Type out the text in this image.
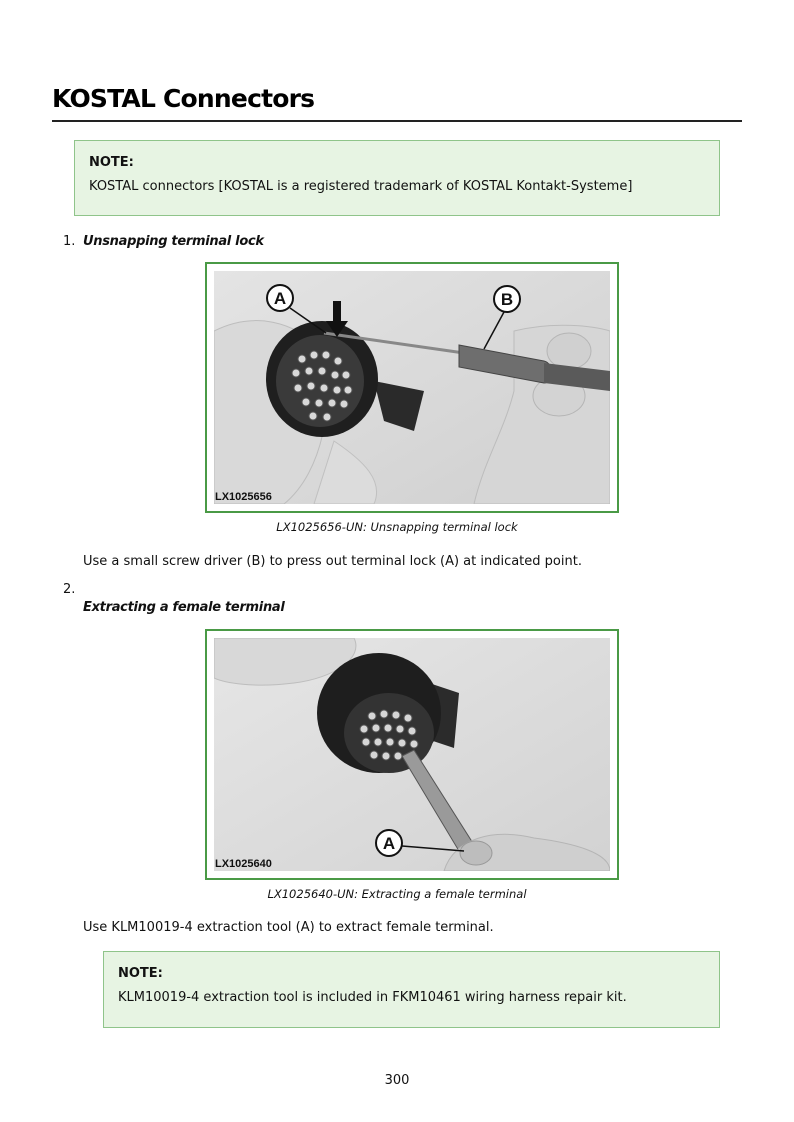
KOSTAL Connectors
NOTE:
KOSTAL connectors [KOSTAL is a registered trademark of KOSTAL Kontakt-Systeme]
1. Unsnapping terminal lock
A	B
LX1025656
LX1025656-UN: Unsnapping terminal lock
Use a small screw driver (B) to press out terminal lock (A) at indicated point.
2.
Extracting a female terminal
A
LX1025640
LX1025640-UN: Extracting a female terminal
Use KLM10019-4 extraction tool (A) to extract female terminal.
NOTE:
KLM10019-4 extraction tool is included in FKM10461 wiring harness repair kit.
300
